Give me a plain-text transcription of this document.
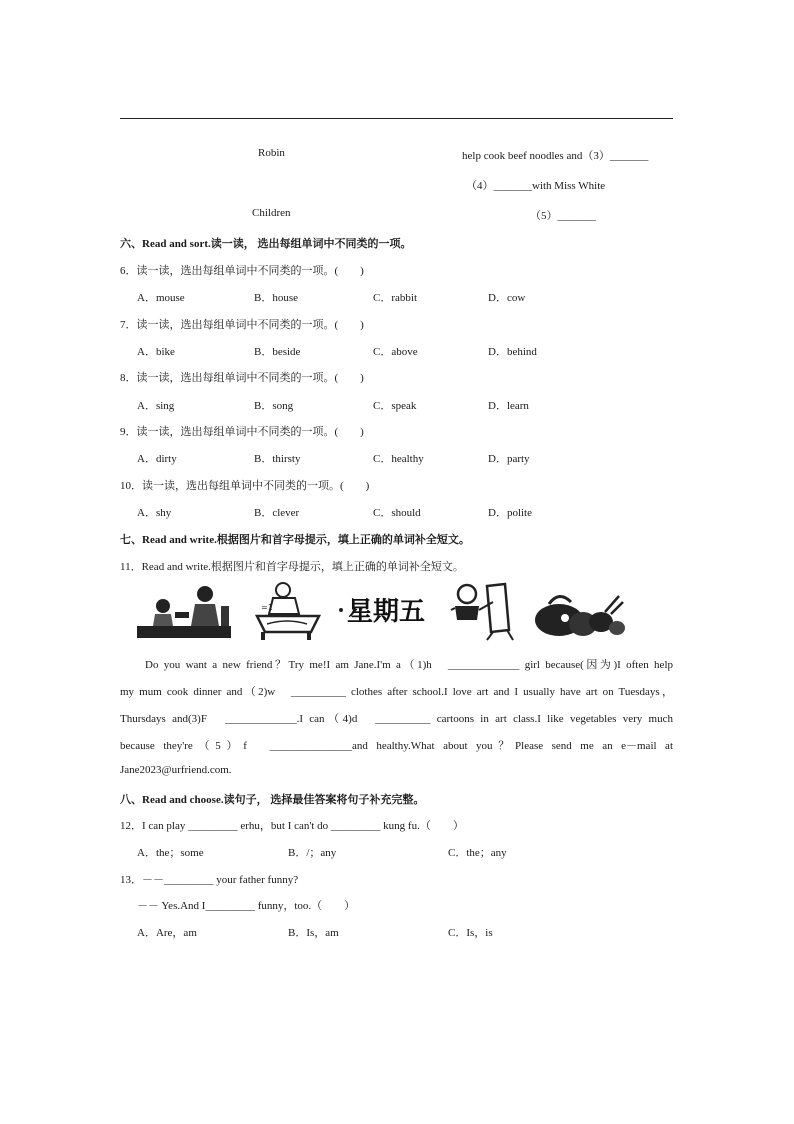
Robin	help cook beef noodles and（3）_______
（4）_______with Miss White
Children	（5）_______
六、Read and sort.读一读， 选出每组单词中不同类的一项。
6．读一读，选出每组单词中不同类的一项。(　　)
A．mouse	B．house	C．rabbit	D．cow
7．读一读，选出每组单词中不同类的一项。(　　)
A．bike	B．beside	C．above	D．behind
8．读一读，选出每组单词中不同类的一项。(　　)
A．sing	B．song	C．speak	D．learn
9．读一读，选出每组单词中不同类的一项。(　　)
A．dirty	B．thirsty	C．healthy	D．party
10．读一读，选出每组单词中不同类的一项。(　　)
A．shy	B．clever	C．should	D．polite
七、Read and write.根据图片和首字母提示，填上正确的单词补全短文。
11．Read and write.根据图片和首字母提示，填上正确的单词补全短文。
=1	星期五
Do you want a new friend？Try me!I am Jane.I'm a（1)h　_____________ girl because(因为)I often help
my mum cook dinner and（2)w　__________ clothes after school.I love art and I usually have art on Tuesdays，
Thursdays and(3)F　_____________.I can（4)d　__________ cartoons in art class.I like vegetables very much
because they're（5）f　_______________and healthy.What about you？Please send me an e－mail at
Jane2023@urfriend.com.
八、Read and choose.读句子， 选择最佳答案将句子补充完整。
12．I can play _________ erhu，but I can't do _________ kung fu.（　　）
A．the；some	B．/；any	C．the；any
13．－－_________ your father funny?
－－ Yes.And I_________ funny，too.（　　）
A．Are，am	B．Is，am	C．Is，is
